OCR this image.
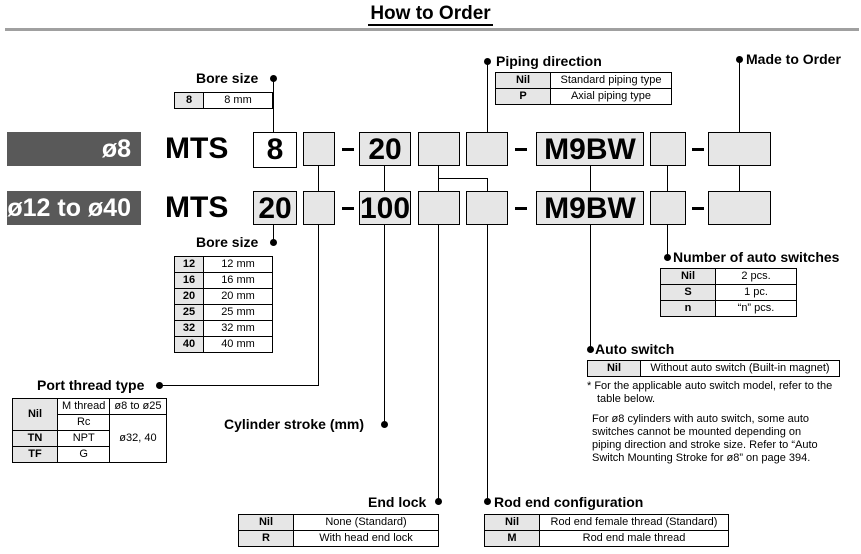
How to Order
ø8	MTS	8	20	M9BW
ø12 to ø40	MTS 20 100	M9BW
Bore size
8	8 mm
Piping direction
Nil	Standard piping type
P	Axial piping type
Made to Order
Bore size
12	12 mm
16	16 mm
20	20 mm
25	25 mm
32	32 mm
40	40 mm
Number of auto switches
Nil	2 pcs.
S	1 pc.
n	“n” pcs.
Port thread type
Nil	M thread	ø8 to ø25
	Rc	ø32, 40
TN	NPT	
TF	G	
Cylinder stroke (mm)
End lock
Nil	None (Standard)
R	With head end lock
Rod end configuration
Nil	Rod end female thread (Standard)
M	Rod end male thread
Auto switch
Nil	Without auto switch (Built-in magnet)
* For the applicable auto switch model, refer to the
table below.
For ø8 cylinders with auto switch, some auto
switches cannot be mounted depending on
piping direction and stroke size. Refer to “Auto
Switch Mounting Stroke for ø8” on page 394.
